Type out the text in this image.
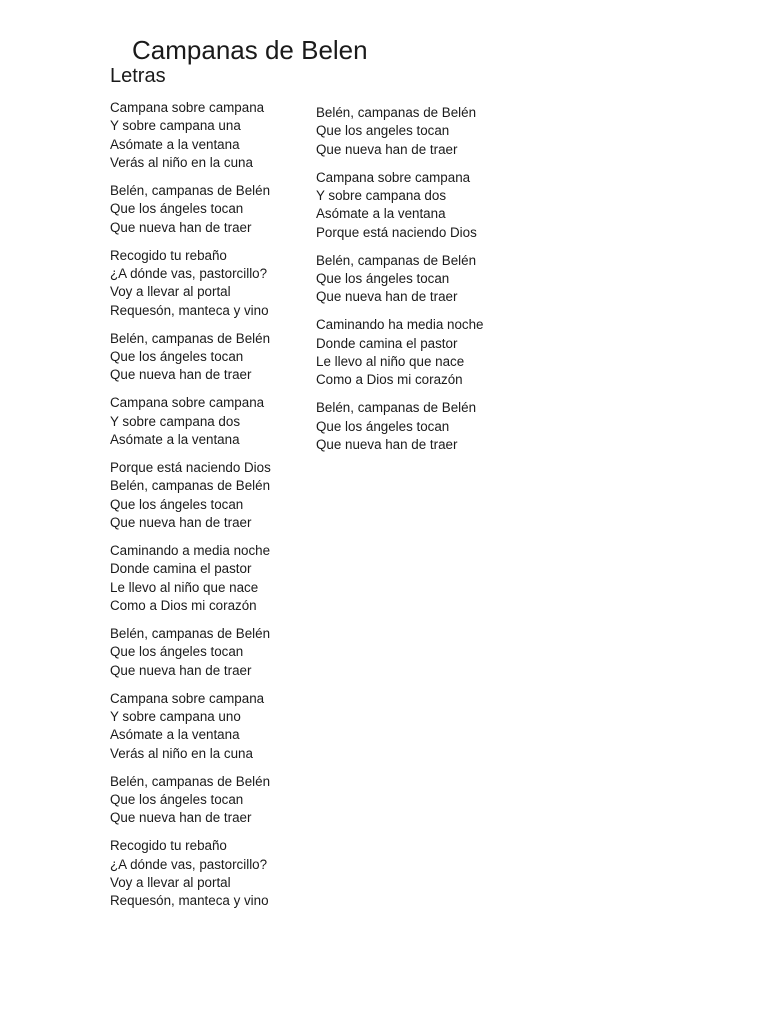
Campanas de Belen
Letras

Campana sobre campana
Y sobre campana una
Asómate a la ventana
Verás al niño en la cuna

Belén, campanas de Belén
Que los ángeles tocan
Que nueva han de traer

Recogido tu rebaño
¿A dónde vas, pastorcillo?
Voy a llevar al portal
Requesón, manteca y vino

Belén, campanas de Belén
Que los ángeles tocan
Que nueva han de traer

Campana sobre campana
Y sobre campana dos
Asómate a la ventana

Porque está naciendo Dios
Belén, campanas de Belén
Que los ángeles tocan
Que nueva han de traer

Caminando a media noche
Donde camina el pastor
Le llevo al niño que nace
Como a Dios mi corazón

Belén, campanas de Belén
Que los ángeles tocan
Que nueva han de traer

Campana sobre campana
Y sobre campana uno
Asómate a la ventana
Verás al niño en la cuna

Belén, campanas de Belén
Que los ángeles tocan
Que nueva han de traer

Recogido tu rebaño
¿A dónde vas, pastorcillo?
Voy a llevar al portal
Requesón, manteca y vino

Belén, campanas de Belén
Que los angeles tocan
Que nueva han de traer

Campana sobre campana
Y sobre campana dos
Asómate a la ventana
Porque está naciendo Dios

Belén, campanas de Belén
Que los ángeles tocan
Que nueva han de traer

Caminando ha media noche
Donde camina el pastor
Le llevo al niño que nace
Como a Dios mi corazón

Belén, campanas de Belén
Que los ángeles tocan
Que nueva han de traer
